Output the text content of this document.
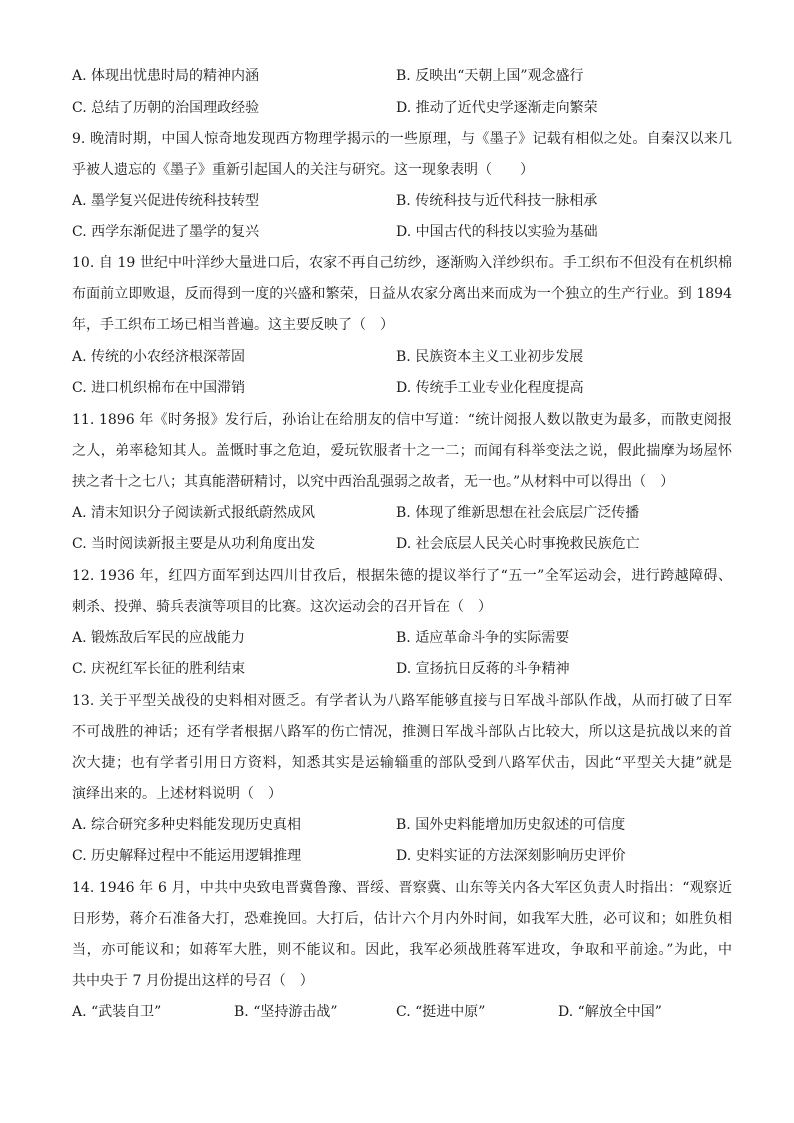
A. 体现出忧患时局的精神内涵	B. 反映出“天朝上国”观念盛行
C. 总结了历朝的治国理政经验	D. 推动了近代史学逐渐走向繁荣
9. 晚清时期，中国人惊奇地发现西方物理学揭示的一些原理，与《墨子》记载有相似之处。自秦汉以来几
乎被人遗忘的《墨子》重新引起国人的关注与研究。这一现象表明（　　）
A. 墨学复兴促进传统科技转型	B. 传统科技与近代科技一脉相承
C. 西学东渐促进了墨学的复兴	D. 中国古代的科技以实验为基础
10. 自 19 世纪中叶洋纱大量进口后，农家不再自己纺纱，逐渐购入洋纱织布。手工织布不但没有在机织棉
布面前立即败退，反而得到一度的兴盛和繁荣，日益从农家分离出来而成为一个独立的生产行业。到 1894
年，手工织布工场已相当普遍。这主要反映了（　）
A. 传统的小农经济根深蒂固	B. 民族资本主义工业初步发展
C. 进口机织棉布在中国滞销	D. 传统手工业专业化程度提高
11. 1896 年《时务报》发行后，孙诒让在给朋友的信中写道：“统计阅报人数以散吏为最多，而散吏阅报
之人，弟率稔知其人。盖慨时事之危迫，爱玩钦服者十之一二；而闻有科举变法之说，假此揣摩为场屋怀
挟之者十之七八；其真能潜研精讨，以究中西治乱强弱之故者，无一也。”从材料中可以得出（　）
A. 清末知识分子阅读新式报纸蔚然成风	B. 体现了维新思想在社会底层广泛传播
C. 当时阅读新报主要是从功利角度出发	D. 社会底层人民关心时事挽救民族危亡
12. 1936 年，红四方面军到达四川甘孜后，根据朱德的提议举行了“五一”全军运动会，进行跨越障碍、
刺杀、投弹、骑兵表演等项目的比赛。这次运动会的召开旨在（　）
A. 锻炼敌后军民的应战能力	B. 适应革命斗争的实际需要
C. 庆祝红军长征的胜利结束	D. 宣扬抗日反蒋的斗争精神
13. 关于平型关战役的史料相对匮乏。有学者认为八路军能够直接与日军战斗部队作战，从而打破了日军
不可战胜的神话；还有学者根据八路军的伤亡情况，推测日军战斗部队占比较大，所以这是抗战以来的首
次大捷；也有学者引用日方资料，知悉其实是运输辎重的部队受到八路军伏击，因此“平型关大捷”就是
演绎出来的。上述材料说明（　）
A. 综合研究多种史料能发现历史真相	B. 国外史料能增加历史叙述的可信度
C. 历史解释过程中不能运用逻辑推理	D. 史料实证的方法深刻影响历史评价
14. 1946 年 6 月，中共中央致电晋冀鲁豫、晋绥、晋察冀、山东等关内各大军区负责人时指出：“观察近
日形势，蒋介石准备大打，恐难挽回。大打后，估计六个月内外时间，如我军大胜，必可议和；如胜负相
当，亦可能议和；如蒋军大胜，则不能议和。因此，我军必须战胜蒋军进攻，争取和平前途。”为此，中
共中央于 7 月份提出这样的号召（　）
A. “武装自卫”	B. “坚持游击战”	C. “挺进中原”	D. “解放全中国”
